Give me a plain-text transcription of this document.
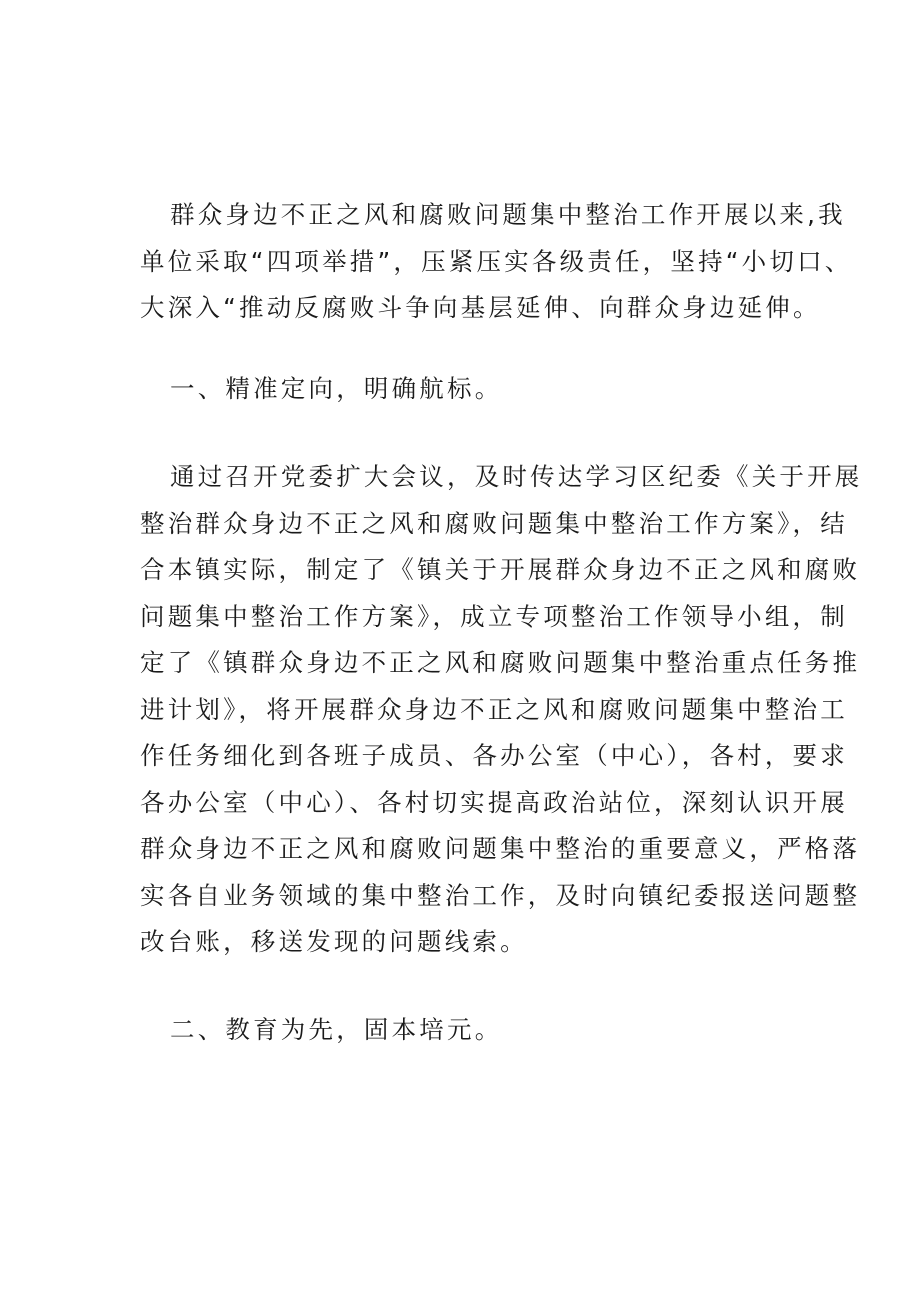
群众身边不正之风和腐败问题集中整治工作开展以来,我
单位采取“四项举措”，压紧压实各级责任，坚持“小切口、
大深入“推动反腐败斗争向基层延伸、向群众身边延伸。
一、精准定向，明确航标。
通过召开党委扩大会议，及时传达学习区纪委《关于开展
整治群众身边不正之风和腐败问题集中整治工作方案》，结
合本镇实际，制定了《镇关于开展群众身边不正之风和腐败
问题集中整治工作方案》，成立专项整治工作领导小组，制
定了《镇群众身边不正之风和腐败问题集中整治重点任务推
进计划》，将开展群众身边不正之风和腐败问题集中整治工
作任务细化到各班子成员、各办公室（中心），各村，要求
各办公室（中心）、各村切实提高政治站位，深刻认识开展
群众身边不正之风和腐败问题集中整治的重要意义，严格落
实各自业务领域的集中整治工作，及时向镇纪委报送问题整
改台账，移送发现的问题线索。
二、教育为先，固本培元。
